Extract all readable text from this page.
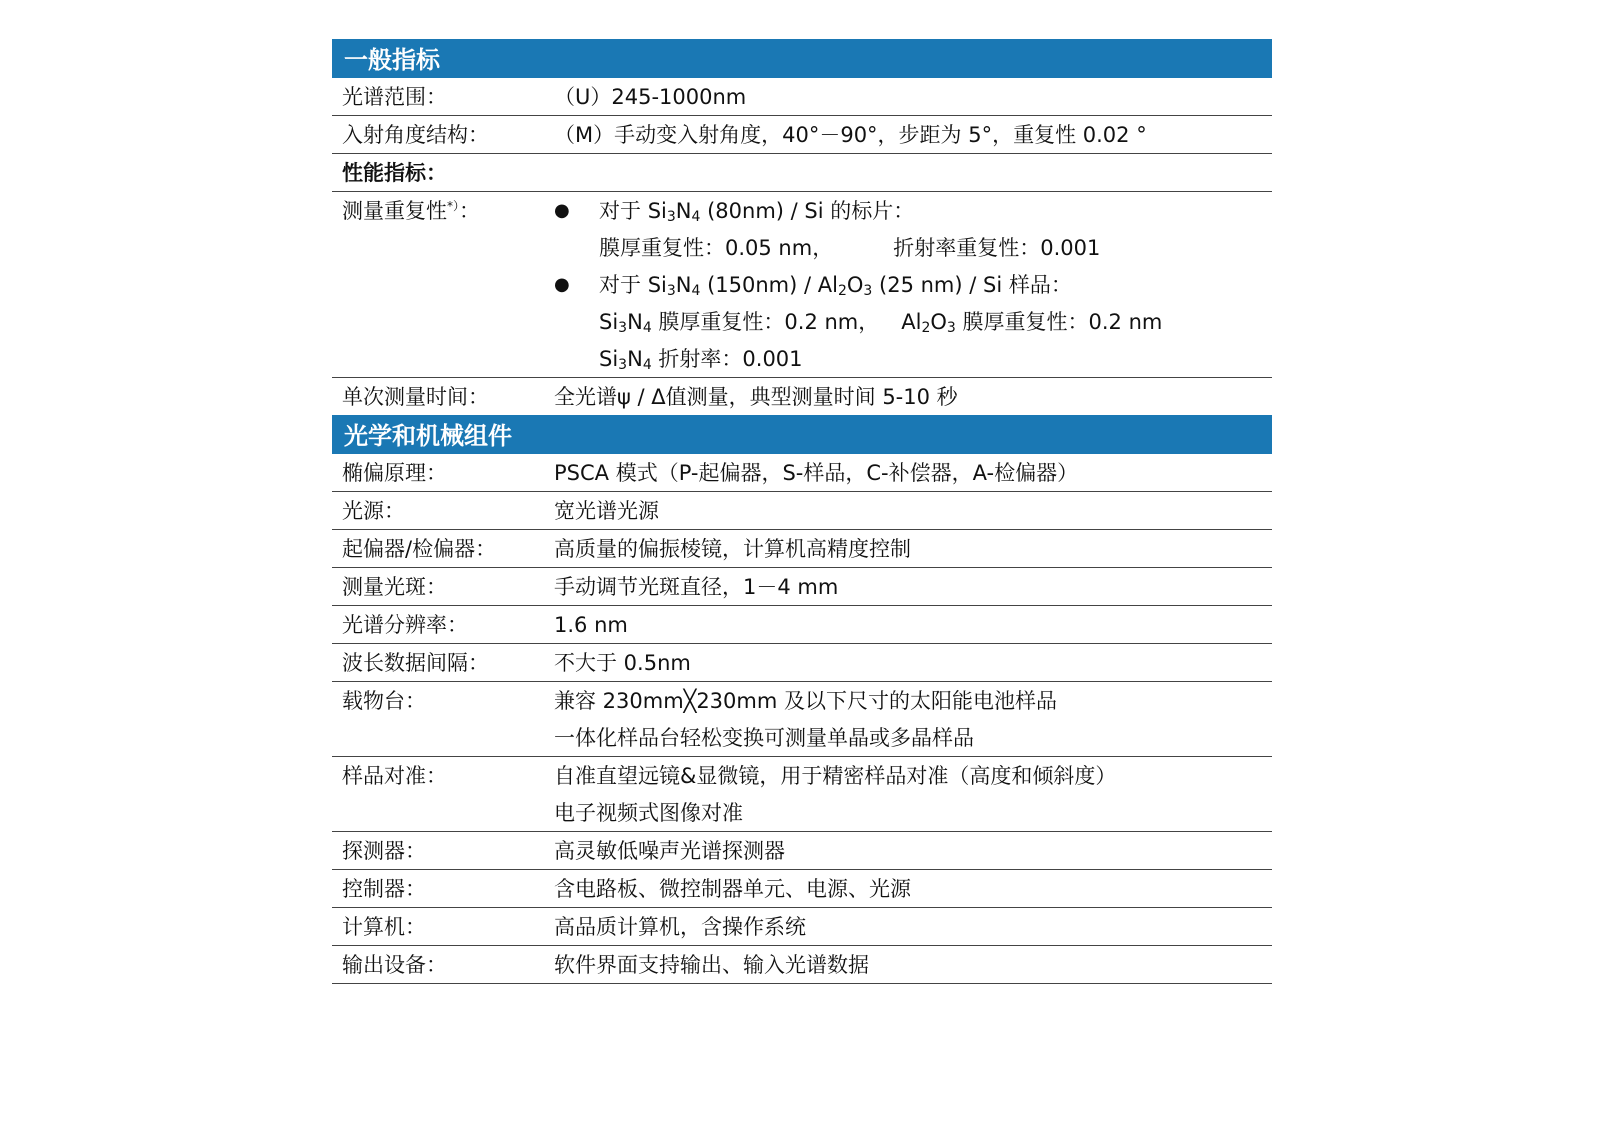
一般指标
光谱范围：	（U）245-1000nm
入射角度结构：	（M）手动变入射角度，40°－90°，步距为 5°，重复性 0.02 °
性能指标：
测量重复性*）：	●	对于 $Si_3N_4$ (80nm) / Si 的标片：
膜厚重复性：0.05 nm，	折射率重复性：0.001
●	对于 $Si_3N_4$ $(150nm) / Al_2O_3$ (25 nm) / Si 样品：
$Si_3N_4$ 膜厚重复性：0.2 nm， $Al_2O_3$ 膜厚重复性：0.2 nm
$Si_3N_4$ 折射率：0.001
单次测量时间：	全光谱ψ / Δ值测量，典型测量时间 5-10 秒
光学和机械组件
椭偏原理：	PSCA 模式（P-起偏器，S-样品，C-补偿器，A-检偏器）
光源：	宽光谱光源
起偏器/检偏器：	高质量的偏振棱镜，计算机高精度控制
测量光斑：	手动调节光斑直径，1－4 mm
光谱分辨率：	1.6 nm
波长数据间隔：	不大于 0.5nm
载物台：	兼容 230mm╳230mm 及以下尺寸的太阳能电池样品
一体化样品台轻松变换可测量单晶或多晶样品
样品对准：	自准直望远镜&显微镜，用于精密样品对准（高度和倾斜度）
电子视频式图像对准
探测器：	高灵敏低噪声光谱探测器
控制器：	含电路板、微控制器单元、电源、光源
计算机：	高品质计算机，含操作系统
输出设备：	软件界面支持输出、输入光谱数据
